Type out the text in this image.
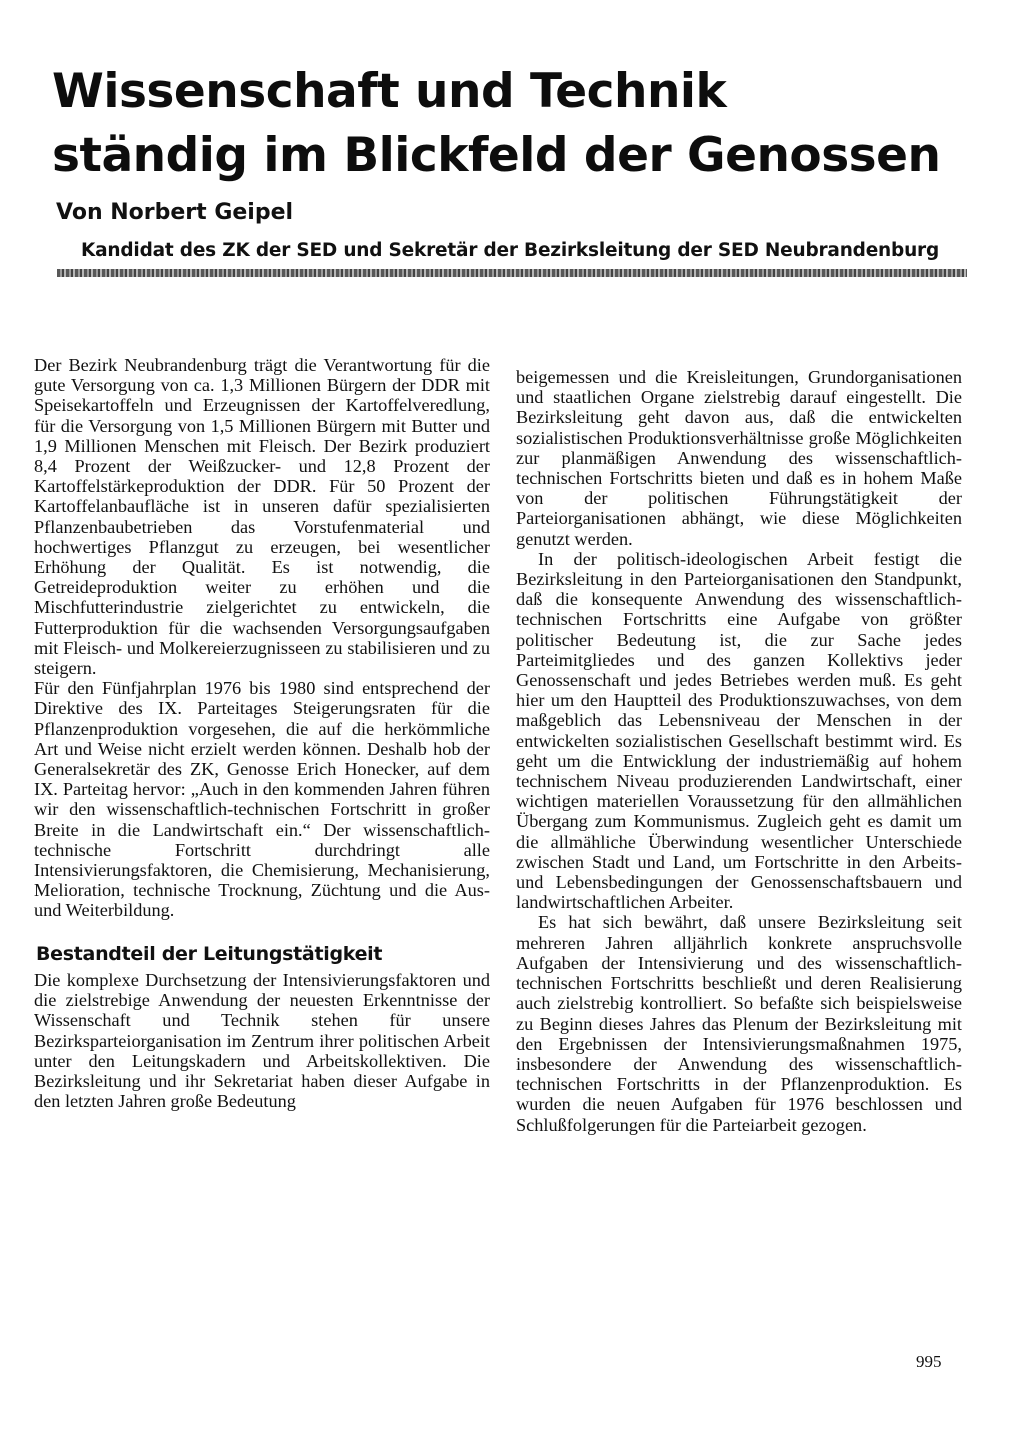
Wissenschaft und Technik
ständig im Blickfeld der Genossen
Von Norbert Geipel
Kandidat des ZK der SED und Sekretär der Bezirksleitung der SED Neubrandenburg

Der Bezirk Neubrandenburg trägt die Verantwortung für die gute Versorgung von ca. 1,3 Millionen Bürgern der DDR mit Speisekartoffeln und Erzeugnissen der Kartoffelveredlung, für die Versorgung von 1,5 Millionen Bürgern mit Butter und 1,9 Millionen Menschen mit Fleisch. Der Bezirk produziert 8,4 Prozent der Weißzucker- und 12,8 Prozent der Kartoffelstärkeproduktion der DDR. Für 50 Prozent der Kartoffelanbaufläche ist in unseren dafür spezialisierten Pflanzenbaubetrieben das Vorstufenmaterial und hochwertiges Pflanzgut zu erzeugen, bei wesentlicher Erhöhung der Qualität. Es ist notwendig, die Getreideproduktion weiter zu erhöhen und die Mischfutterindustrie zielgerichtet zu entwickeln, die Futterproduktion für die wachsenden Versorgungsaufgaben mit Fleisch- und Molkereierzugnisseen zu stabilisieren und zu steigern.

Für den Fünfjahrplan 1976 bis 1980 sind entsprechend der Direktive des IX. Parteitages Steigerungsraten für die Pflanzenproduktion vorgesehen, die auf die herkömmliche Art und Weise nicht erzielt werden können. Deshalb hob der Generalsekretär des ZK, Genosse Erich Honecker, auf dem IX. Parteitag hervor: „Auch in den kommenden Jahren führen wir den wissenschaftlich-technischen Fortschritt in großer Breite in die Landwirtschaft ein.“ Der wissenschaftlich-technische Fortschritt durchdringt alle Intensivierungsfaktoren, die Chemisierung, Mechanisierung, Melioration, technische Trocknung, Züchtung und die Aus- und Weiterbildung.

Bestandteil der Leitungstätigkeit

Die komplexe Durchsetzung der Intensivierungsfaktoren und die zielstrebige Anwendung der neuesten Erkenntnisse der Wissenschaft und Technik stehen für unsere Bezirksparteiorganisation im Zentrum ihrer politischen Arbeit unter den Leitungskadern und Arbeitskollektiven. Die Bezirksleitung und ihr Sekretariat haben dieser Aufgabe in den letzten Jahren große Bedeutung

beigemessen und die Kreisleitungen, Grundorganisationen und staatlichen Organe zielstrebig darauf eingestellt. Die Bezirksleitung geht davon aus, daß die entwickelten sozialistischen Produktionsverhältnisse große Möglichkeiten zur planmäßigen Anwendung des wissenschaftlich-technischen Fortschritts bieten und daß es in hohem Maße von der politischen Führungstätigkeit der Parteiorganisationen abhängt, wie diese Möglichkeiten genutzt werden.

In der politisch-ideologischen Arbeit festigt die Bezirksleitung in den Parteiorganisationen den Standpunkt, daß die konsequente Anwendung des wissenschaftlich-technischen Fortschritts eine Aufgabe von größter politischer Bedeutung ist, die zur Sache jedes Parteimitgliedes und des ganzen Kollektivs jeder Genossenschaft und jedes Betriebes werden muß. Es geht hier um den Hauptteil des Produktionszuwachses, von dem maßgeblich das Lebensniveau der Menschen in der entwickelten sozialistischen Gesellschaft bestimmt wird. Es geht um die Entwicklung der industriemäßig auf hohem technischem Niveau produzierenden Landwirtschaft, einer wichtigen materiellen Voraussetzung für den allmählichen Übergang zum Kommunismus. Zugleich geht es damit um die allmähliche Überwindung wesentlicher Unterschiede zwischen Stadt und Land, um Fortschritte in den Arbeits- und Lebensbedingungen der Genossenschaftsbauern und landwirtschaftlichen Arbeiter.

Es hat sich bewährt, daß unsere Bezirksleitung seit mehreren Jahren alljährlich konkrete anspruchsvolle Aufgaben der Intensivierung und des wissenschaftlich-technischen Fortschritts beschließt und deren Realisierung auch zielstrebig kontrolliert. So befaßte sich beispielsweise zu Beginn dieses Jahres das Plenum der Bezirksleitung mit den Ergebnissen der Intensivierungsmaßnahmen 1975, insbesondere der Anwendung des wissenschaftlich-technischen Fortschritts in der Pflanzenproduktion. Es wurden die neuen Aufgaben für 1976 beschlossen und Schlußfolgerungen für die Parteiarbeit gezogen.

995
